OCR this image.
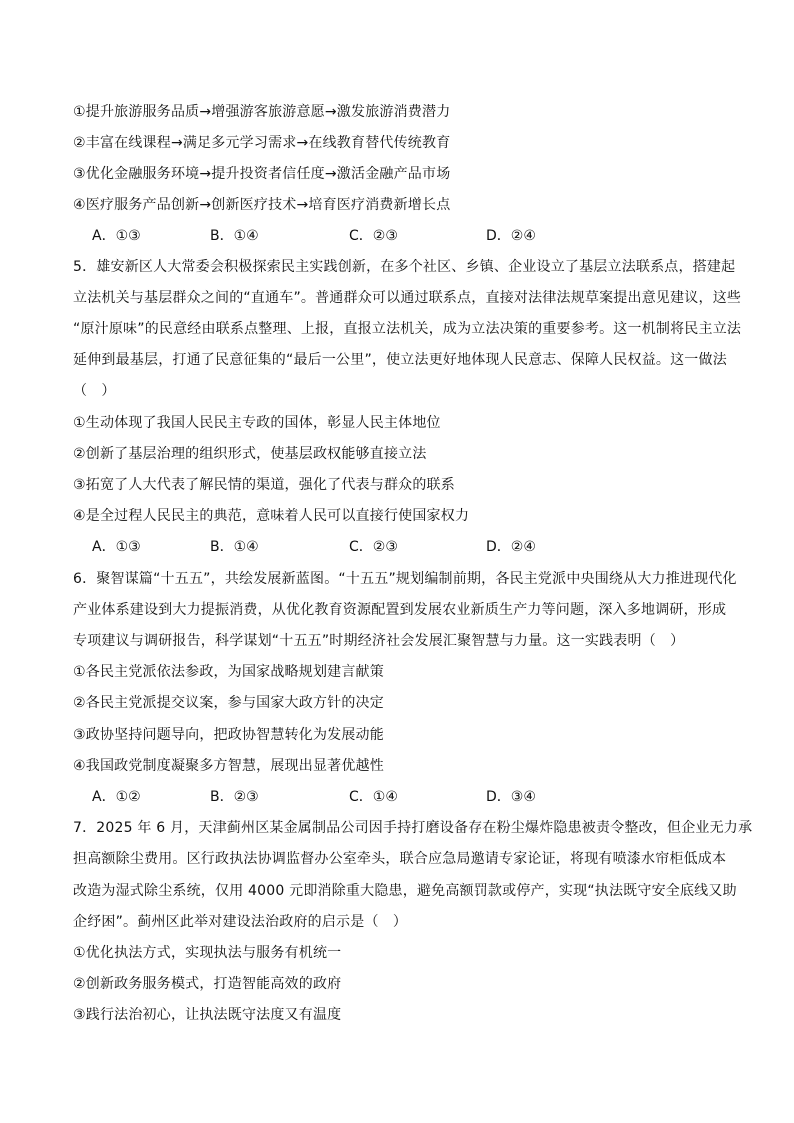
①提升旅游服务品质→增强游客旅游意愿→激发旅游消费潜力
②丰富在线课程→满足多元学习需求→在线教育替代传统教育
③优化金融服务环境→提升投资者信任度→激活金融产品市场
④医疗服务产品创新→创新医疗技术→培育医疗消费新增长点
A．①③	B．①④	C．②③	D．②④
5．雄安新区人大常委会积极探索民主实践创新，在多个社区、乡镇、企业设立了基层立法联系点，搭建起
立法机关与基层群众之间的“直通车”。普通群众可以通过联系点，直接对法律法规草案提出意见建议，这些
“原汁原味”的民意经由联系点整理、上报，直报立法机关，成为立法决策的重要参考。这一机制将民主立法
延伸到最基层，打通了民意征集的“最后一公里”，使立法更好地体现人民意志、保障人民权益。这一做法
（　）
①生动体现了我国人民民主专政的国体，彰显人民主体地位
②创新了基层治理的组织形式，使基层政权能够直接立法
③拓宽了人大代表了解民情的渠道，强化了代表与群众的联系
④是全过程人民民主的典范，意味着人民可以直接行使国家权力
A．①③	B．①④	C．②③	D．②④
6．聚智谋篇“十五五”，共绘发展新蓝图。“十五五”规划编制前期，各民主党派中央围绕从大力推进现代化
产业体系建设到大力提振消费，从优化教育资源配置到发展农业新质生产力等问题，深入多地调研，形成
专项建议与调研报告，科学谋划“十五五”时期经济社会发展汇聚智慧与力量。这一实践表明（　）
①各民主党派依法参政，为国家战略规划建言献策
②各民主党派提交议案，参与国家大政方针的决定
③政协坚持问题导向，把政协智慧转化为发展动能
④我国政党制度凝聚多方智慧，展现出显著优越性
A．①②	B．②③	C．①④	D．③④
7．2025 年 6 月，天津蓟州区某金属制品公司因手持打磨设备存在粉尘爆炸隐患被责令整改，但企业无力承
担高额除尘费用。区行政执法协调监督办公室牵头，联合应急局邀请专家论证，将现有喷漆水帘柜低成本
改造为湿式除尘系统，仅用 4000 元即消除重大隐患，避免高额罚款或停产，实现“执法既守安全底线又助
企纾困”。蓟州区此举对建设法治政府的启示是（　）
①优化执法方式，实现执法与服务有机统一
②创新政务服务模式，打造智能高效的政府
③践行法治初心，让执法既守法度又有温度
